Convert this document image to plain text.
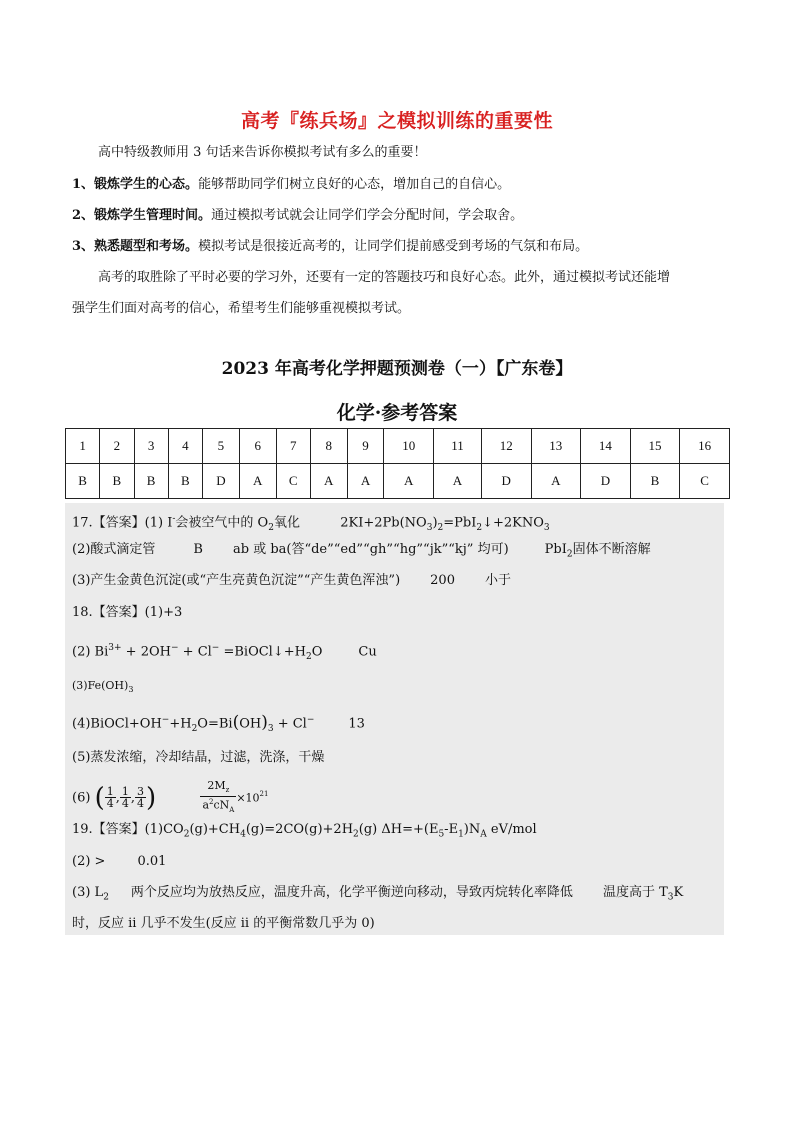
高考『练兵场』之模拟训练的重要性
高中特级教师用 3 句话来告诉你模拟考试有多么的重要！
1、锻炼学生的心态。能够帮助同学们树立良好的心态，增加自己的自信心。
2、锻炼学生管理时间。通过模拟考试就会让同学们学会分配时间，学会取舍。
3、熟悉题型和考场。模拟考试是很接近高考的，让同学们提前感受到考场的气氛和布局。
高考的取胜除了平时必要的学习外，还要有一定的答题技巧和良好心态。此外，通过模拟考试还能增
强学生们面对高考的信心，希望考生们能够重视模拟考试。
2023 年高考化学押题预测卷（一）【广东卷】
化学·参考答案
1	2	3	4	5	6	7	8	9	10	11	12	13	14	15	16
B	B	B	B	D	A	C	A	A	A	A	D	A	D	B	C
17.【答案】(1) I-会被空气中的 $O_2$氧化	$2KI+2Pb(NO_3)_2=PbI_2↓+2KNO_3$
(2)酸式滴定管	B ab 或 ba(答“de”“ed”“gh”“hg”“jk”“kj” 均可)	PbI$_2$固体不断溶解
(3)产生金黄色沉淀(或“产生亮黄色沉淀”“产生黄色浑浊”) 200 小于
18.【答案】(1)+3
(2) $Bi^{3+} + 2OH^- + Cl^-$ $=BiOCl↓+H_2O$	Cu
$(3)Fe(OH)_3$
$(4)BiOCl+OH^-+H_2O=Bi(OH)_3 + Cl^-$	13
(5)蒸发浓缩，冷却结晶，过滤，洗涤，干燥
(6) ( $\frac{1}{4}$ , $\frac{1}{4}$ , $\frac{3}{4}$ )	$\frac{2M_z}{a^2cN_A} \times 10^{21}$
19.【答案】$(1)CO_2(g)+CH_4(g)=2CO(g)+2H_2(g)$ $\Delta H=+(E_5-E_1)N_A$ eV/mol
(2) > 0.01
(3) $L_2$ 两个反应均为放热反应，温度升高，化学平衡逆向移动，导致丙烷转化率降低 温度高于 $T_3K$
时，反应 ⅱ 几乎不发生(反应 ⅱ 的平衡常数几乎为 0)
